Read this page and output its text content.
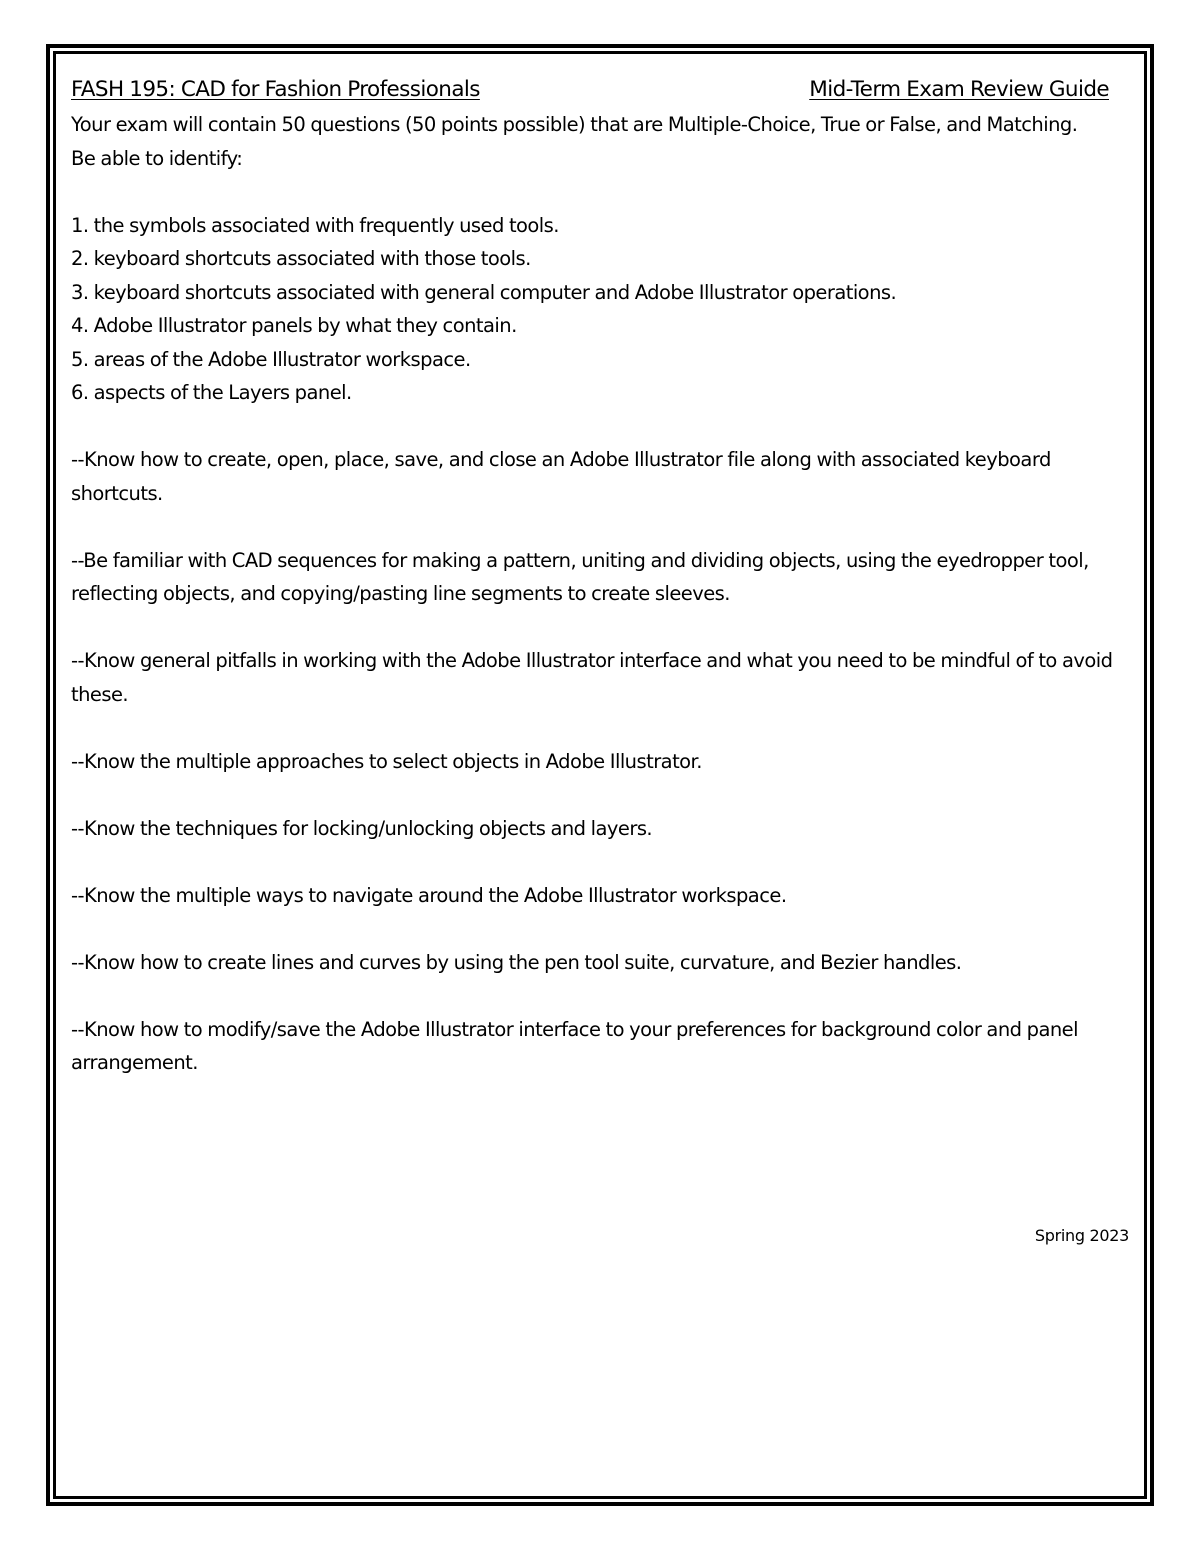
FASH 195: CAD for Fashion Professionals	Mid-Term Exam Review Guide

Your exam will contain 50 questions (50 points possible) that are Multiple-Choice, True or False, and Matching.

Be able to identify:

1. the symbols associated with frequently used tools.
2. keyboard shortcuts associated with those tools.
3. keyboard shortcuts associated with general computer and Adobe Illustrator operations.
4. Adobe Illustrator panels by what they contain.
5. areas of the Adobe Illustrator workspace.
6. aspects of the Layers panel.

--Know how to create, open, place, save, and close an Adobe Illustrator file along with associated keyboard shortcuts.

--Be familiar with CAD sequences for making a pattern, uniting and dividing objects, using the eyedropper tool, reflecting objects, and copying/pasting line segments to create sleeves.

--Know general pitfalls in working with the Adobe Illustrator interface and what you need to be mindful of to avoid these.

--Know the multiple approaches to select objects in Adobe Illustrator.

--Know the techniques for locking/unlocking objects and layers.

--Know the multiple ways to navigate around the Adobe Illustrator workspace.

--Know how to create lines and curves by using the pen tool suite, curvature, and Bezier handles.

--Know how to modify/save the Adobe Illustrator interface to your preferences for background color and panel arrangement.

Spring 2023
